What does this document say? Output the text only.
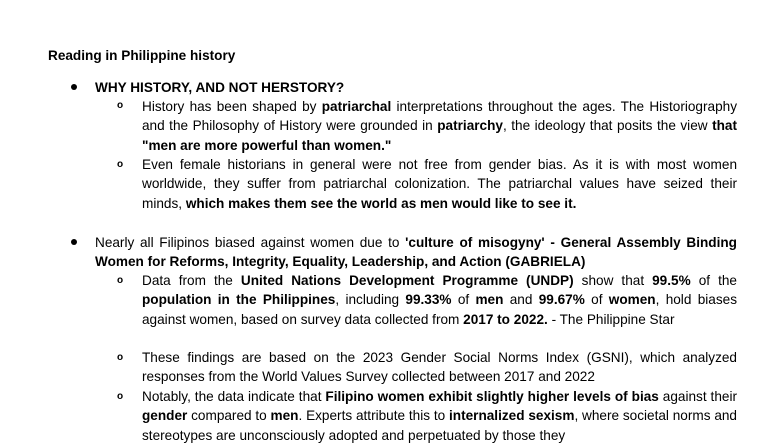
Reading in Philippine history
WHY HISTORY, AND NOT HERSTORY?
o History has been shaped by patriarchal interpretations throughout the ages. The Historiography and the Philosophy of History were grounded in patriarchy, the ideology that posits the view that "men are more powerful than women."
o Even female historians in general were not free from gender bias. As it is with most women worldwide, they suffer from patriarchal colonization. The patriarchal values have seized their minds, which makes them see the world as men would like to see it.
Nearly all Filipinos biased against women due to 'culture of misogyny' - General Assembly Binding Women for Reforms, Integrity, Equality, Leadership, and Action (GABRIELA)
o Data from the United Nations Development Programme (UNDP) show that 99.5% of the population in the Philippines, including 99.33% of men and 99.67% of women, hold biases against women, based on survey data collected from 2017 to 2022. - The Philippine Star
o These findings are based on the 2023 Gender Social Norms Index (GSNI), which analyzed responses from the World Values Survey collected between 2017 and 2022
o Notably, the data indicate that Filipino women exhibit slightly higher levels of bias against their gender compared to men. Experts attribute this to internalized sexism, where societal norms and stereotypes are unconsciously adopted and perpetuated by those they
